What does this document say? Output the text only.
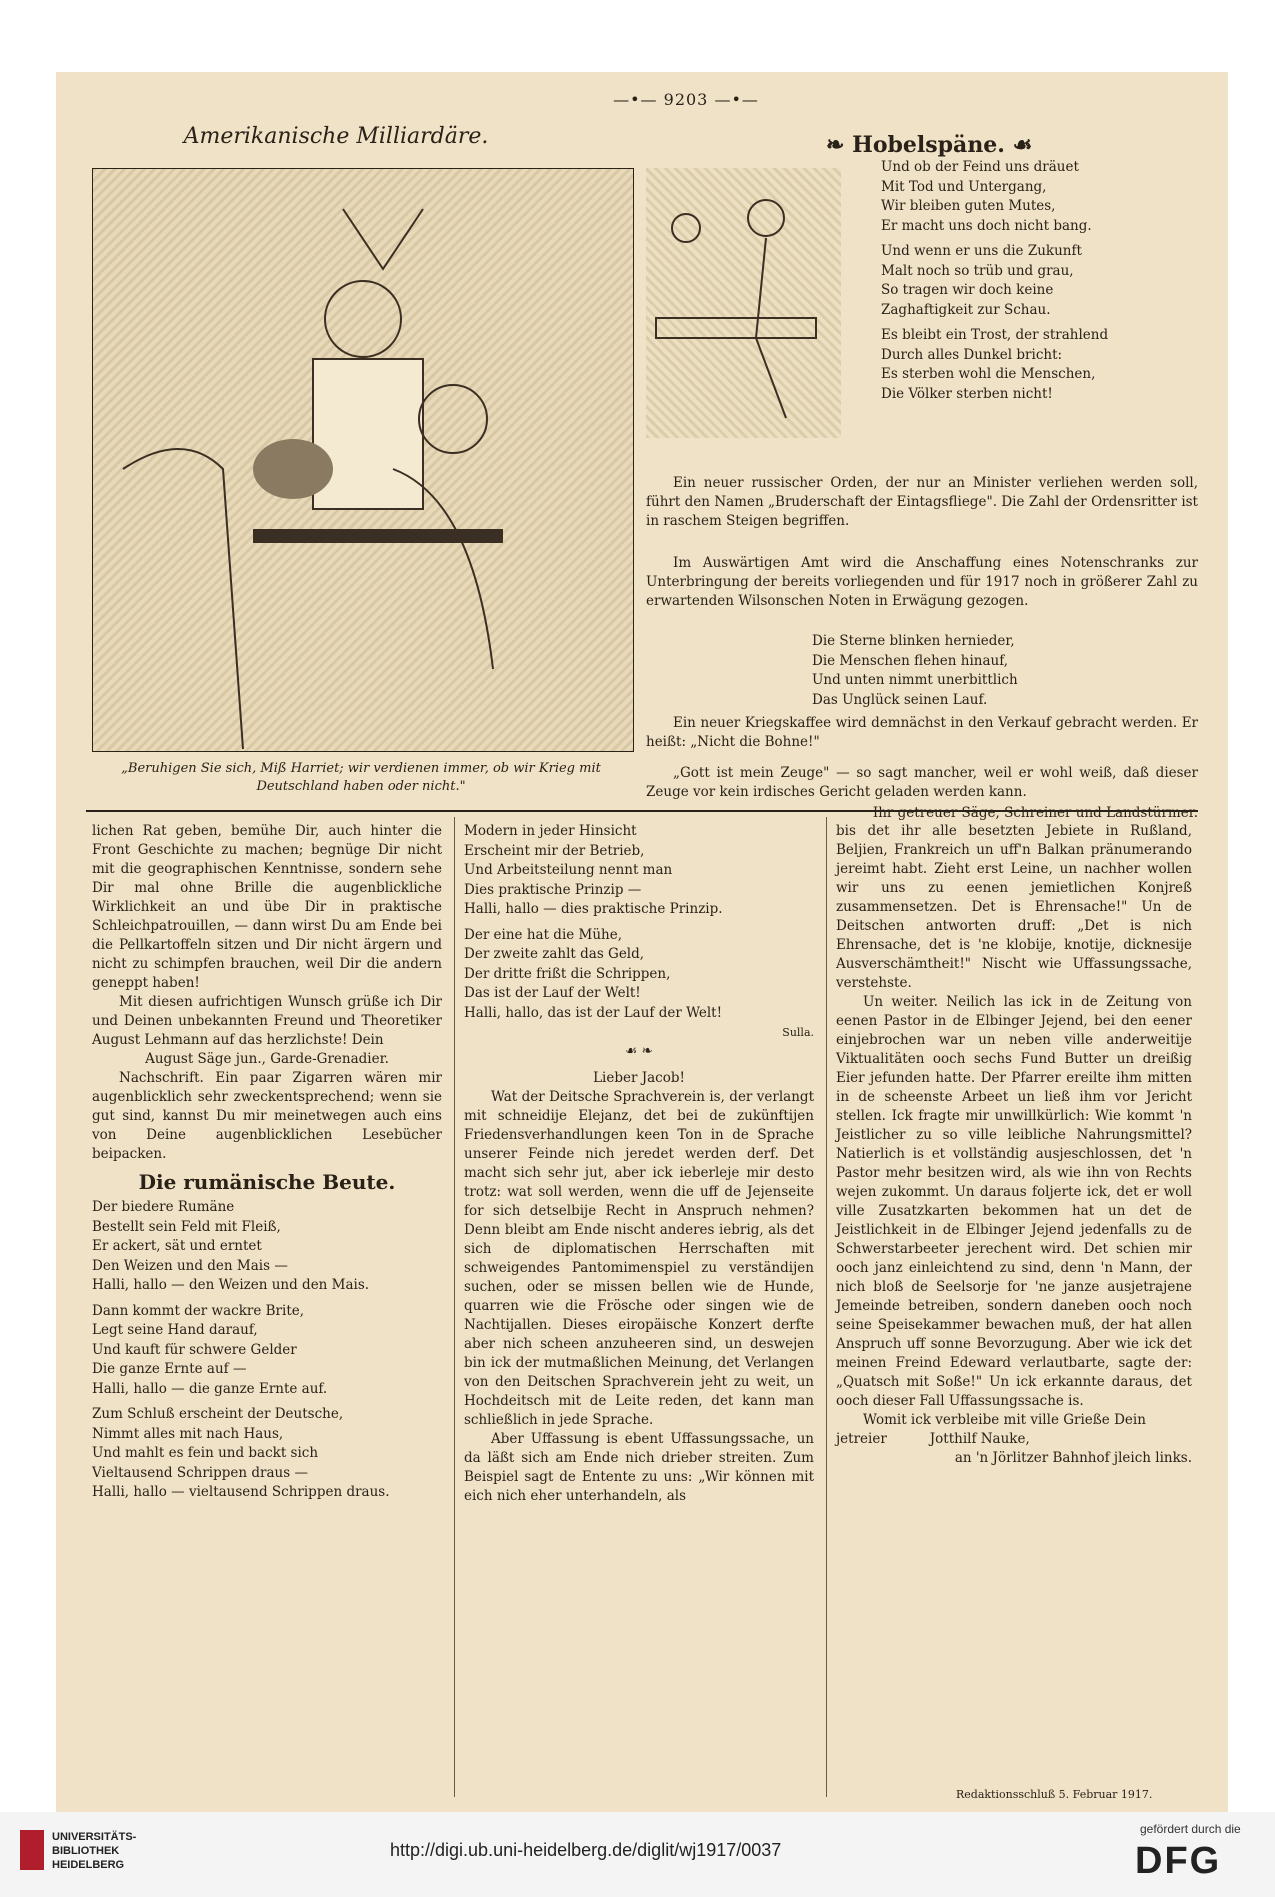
—•— 9203 —•—
Amerikanische Milliardäre.
„Beruhigen Sie sich, Miß Harriet; wir verdienen immer, ob wir Krieg mit Deutschland haben oder nicht."
❧ Hobelspäne. ☙

Und ob der Feind uns dräuet

Mit Tod und Untergang,

Wir bleiben guten Mutes,

Er macht uns doch nicht bang.

Und wenn er uns die Zukunft

Malt noch so trüb und grau,

So tragen wir doch keine

Zaghaftigkeit zur Schau.

Es bleibt ein Trost, der strahlend

Durch alles Dunkel bricht:

Es sterben wohl die Menschen,

Die Völker sterben nicht!

Ein neuer russischer Orden, der nur an Minister verliehen werden soll, führt den Namen „Bruderschaft der Eintagsfliege". Die Zahl der Ordensritter ist in raschem Steigen begriffen.

Im Auswärtigen Amt wird die Anschaffung eines Notenschranks zur Unterbringung der bereits vorliegenden und für 1917 noch in größerer Zahl zu erwartenden Wilsonschen Noten in Erwägung gezogen.

Die Sterne blinken hernieder,

Die Menschen flehen hinauf,

Und unten nimmt unerbittlich

Das Unglück seinen Lauf.

Ein neuer Kriegskaffee wird demnächst in den Verkauf gebracht werden. Er heißt: „Nicht die Bohne!"

„Gott ist mein Zeuge" — so sagt mancher, weil er wohl weiß, daß dieser Zeuge vor kein irdisches Gericht geladen werden kann.

Ihr getreuer Säge, Schreiner und Landstürmer.

lichen Rat geben, bemühe Dir, auch hinter die Front Geschichte zu machen; begnüge Dir nicht mit die geographischen Kenntnisse, sondern sehe Dir mal ohne Brille die augenblickliche Wirklichkeit an und übe Dir in praktische Schleichpatrouillen, — dann wirst Du am Ende bei die Pellkartoffeln sitzen und Dir nicht ärgern und nicht zu schimpfen brauchen, weil Dir die andern geneppt haben!

Mit diesen aufrichtigen Wunsch grüße ich Dir und Deinen unbekannten Freund und Theoretiker August Lehmann auf das herzlichste! Dein

August Säge jun., Garde-Grenadier.

Nachschrift. Ein paar Zigarren wären mir augenblicklich sehr zweckentsprechend; wenn sie gut sind, kannst Du mir meinetwegen auch eins von Deine augenblicklichen Lesebücher beipacken.

Die rumänische Beute.

Der biedere Rumäne

Bestellt sein Feld mit Fleiß,

Er ackert, sät und erntet

Den Weizen und den Mais —

Halli, hallo — den Weizen und den Mais.

Dann kommt der wackre Brite,

Legt seine Hand darauf,

Und kauft für schwere Gelder

Die ganze Ernte auf —

Halli, hallo — die ganze Ernte auf.

Zum Schluß erscheint der Deutsche,

Nimmt alles mit nach Haus,

Und mahlt es fein und backt sich

Vieltausend Schrippen draus —

Halli, hallo — vieltausend Schrippen draus.

Modern in jeder Hinsicht

Erscheint mir der Betrieb,

Und Arbeitsteilung nennt man

Dies praktische Prinzip —

Halli, hallo — dies praktische Prinzip.

Der eine hat die Mühe,

Der zweite zahlt das Geld,

Der dritte frißt die Schrippen,

Das ist der Lauf der Welt!

Halli, hallo, das ist der Lauf der Welt!

Sulla.

☙ ❧

Lieber Jacob!

Wat der Deitsche Sprachverein is, der verlangt mit schneidije Elejanz, det bei de zukünftijen Friedensverhandlungen keen Ton in de Sprache unserer Feinde nich jeredet werden derf. Det macht sich sehr jut, aber ick ieberleje mir desto trotz: wat soll werden, wenn die uff de Jejenseite for sich detselbije Recht in Anspruch nehmen? Denn bleibt am Ende nischt anderes iebrig, als det sich de diplomatischen Herrschaften mit schweigendes Pantomimenspiel zu verständijen suchen, oder se missen bellen wie de Hunde, quarren wie die Frösche oder singen wie de Nachtijallen. Dieses eiropäische Konzert derfte aber nich scheen anzuheeren sind, un deswejen bin ick der mutmaßlichen Meinung, det Verlangen von den Deitschen Sprachverein jeht zu weit, un Hochdeitsch mit de Leite reden, det kann man schließlich in jede Sprache.

Aber Uffassung is ebent Uffassungssache, un da läßt sich am Ende nich drieber streiten. Zum Beispiel sagt de Entente zu uns: „Wir können mit eich nich eher unterhandeln, als

bis det ihr alle besetzten Jebiete in Rußland, Beljien, Frankreich un uff'n Balkan pränumerando jereimt habt. Zieht erst Leine, un nachher wollen wir uns zu eenen jemietlichen Konjreß zusammensetzen. Det is Ehrensache!" Un de Deitschen antworten druff: „Det is nich Ehrensache, det is 'ne klobije, knotije, dicknesije Ausverschämtheit!" Nischt wie Uffassungssache, verstehste.

Un weiter. Neilich las ick in de Zeitung von eenen Pastor in de Elbinger Jejend, bei den eener einjebrochen war un neben ville anderweitije Viktualitäten ooch sechs Fund Butter un dreißig Eier jefunden hatte. Der Pfarrer ereilte ihm mitten in de scheenste Arbeet un ließ ihm vor Jericht stellen. Ick fragte mir unwillkürlich: Wie kommt 'n Jeistlicher zu so ville leibliche Nahrungsmittel? Natierlich is et vollständig ausjeschlossen, det 'n Pastor mehr besitzen wird, als wie ihn von Rechts wejen zukommt. Un daraus foljerte ick, det er woll ville Zusatzkarten bekommen hat un det de Jeistlichkeit in de Elbinger Jejend jedenfalls zu de Schwerstarbeeter jerechent wird. Det schien mir ooch janz einleichtend zu sind, denn 'n Mann, der nich bloß de Seelsorje for 'ne janze ausjetrajene Jemeinde betreiben, sondern daneben ooch noch seine Speisekammer bewachen muß, der hat allen Anspruch uff sonne Bevorzugung. Aber wie ick det meinen Freind Edeward verlautbarte, sagte der: „Quatsch mit Soße!" Un ick erkannte daraus, det ooch dieser Fall Uffassungssache is.

Womit ick verbleibe mit ville Grieße Dein

jetreier	Jotthilf Nauke,

an 'n Jörlitzer Bahnhof jleich links.

Redaktionsschluß 5. Februar 1917.
UNIVERSITÄTS-
BIBLIOTHEK
HEIDELBERG
http://digi.ub.uni-heidelberg.de/diglit/wj1917/0037
gefördert durch die
DFG
